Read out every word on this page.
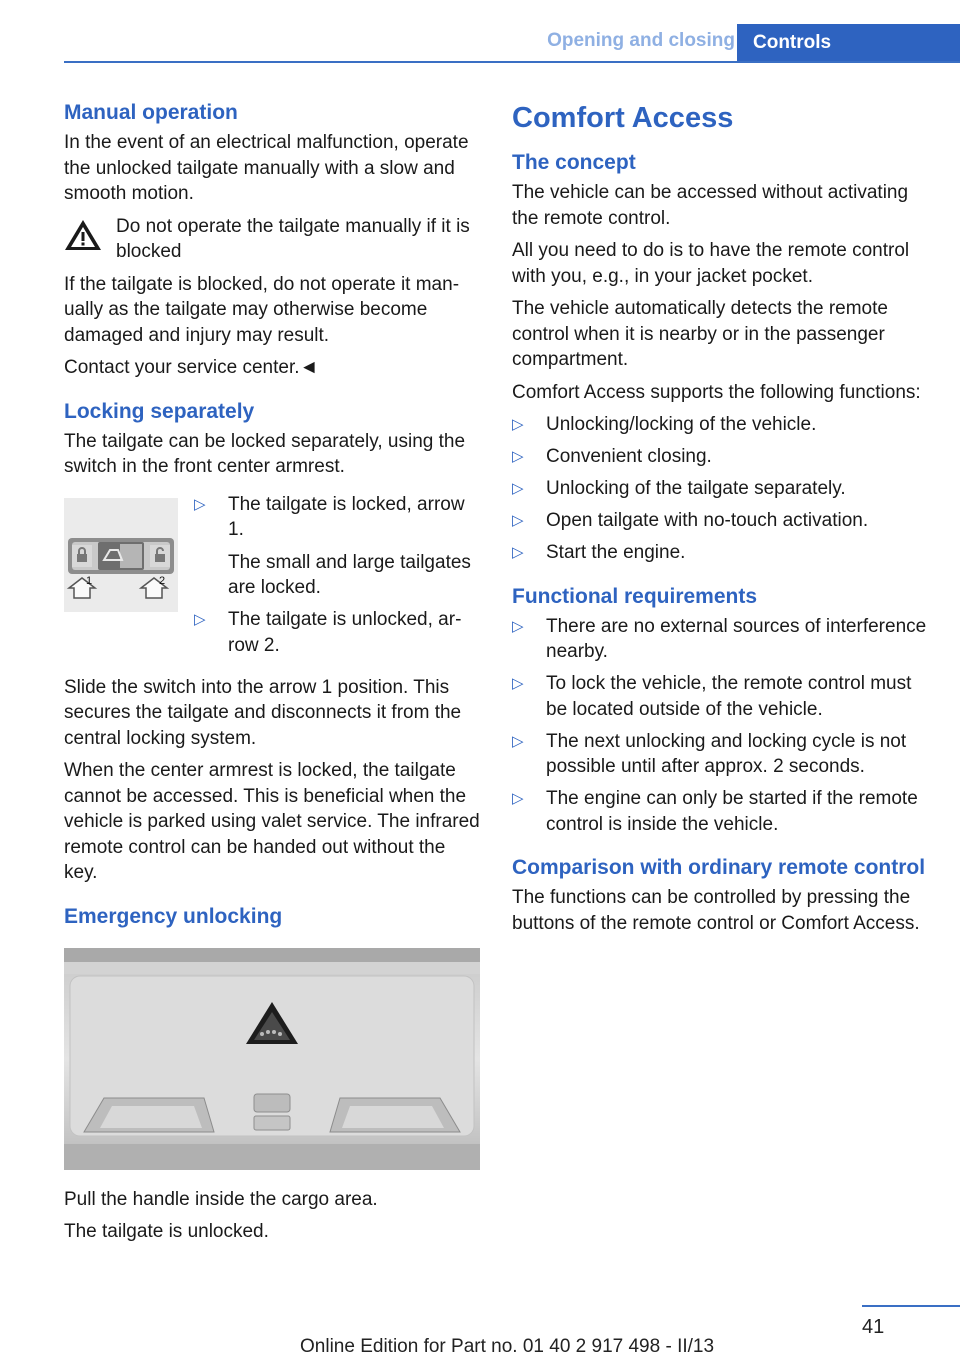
Opening and closing Controls
Manual operation

In the event of an electrical malfunction, operate the unlocked tailgate manually with a slow and smooth motion.

Do not operate the tailgate manually if it is blocked

If the tailgate is blocked, do not operate it manually as the tailgate may otherwise become damaged and injury may result.

Contact your service center.◄

Locking separately

The tailgate can be locked separately, using the switch in the front center armrest.

1	2
▷ The tailgate is locked, arrow 1.
The small and large tailgates are locked.
▷ The tailgate is unlocked, arrow 2.

Slide the switch into the arrow 1 position. This secures the tailgate and disconnects it from the central locking system.

When the center armrest is locked, the tailgate cannot be accessed. This is beneficial when the vehicle is parked using valet service. The infrared remote control can be handed out without the key.

Emergency unlocking

Pull the handle inside the cargo area.

The tailgate is unlocked.

Comfort Access
The concept

The vehicle can be accessed without activating the remote control.

All you need to do is to have the remote control with you, e.g., in your jacket pocket.

The vehicle automatically detects the remote control when it is nearby or in the passenger compartment.

Comfort Access supports the following functions:

▷ Unlocking/locking of the vehicle.
▷ Convenient closing.
▷ Unlocking of the tailgate separately.
▷ Open tailgate with no-touch activation.
▷ Start the engine.
Functional requirements
▷ There are no external sources of interference nearby.
▷ To lock the vehicle, the remote control must be located outside of the vehicle.
▷ The next unlocking and locking cycle is not possible until after approx. 2 seconds.
▷ The engine can only be started if the remote control is inside the vehicle.
Comparison with ordinary remote control

The functions can be controlled by pressing the buttons of the remote control or Comfort Access.

41
Online Edition for Part no. 01 40 2 917 498 - II/13
